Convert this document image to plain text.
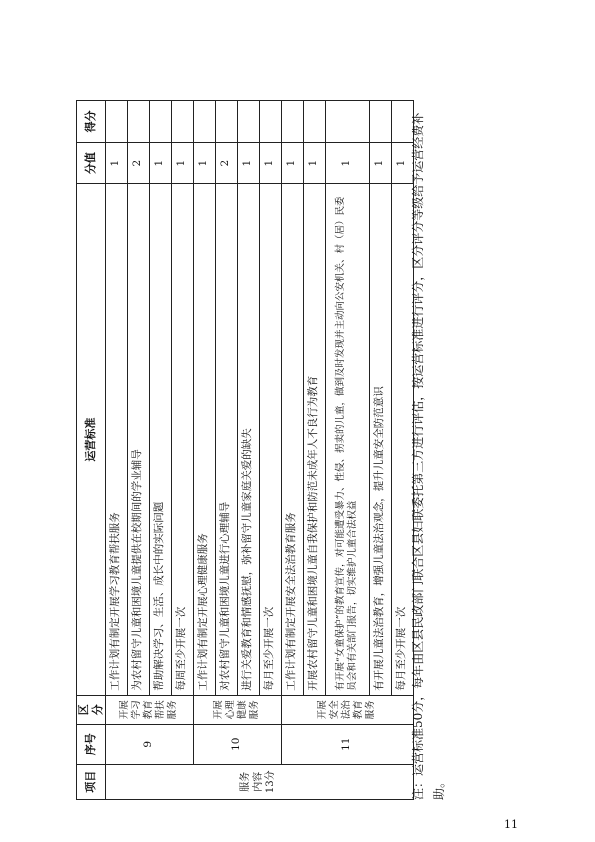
项目	序号	区分	运营标准	分值	得分
服务内容13分	9	开展学习教育帮扶服务	工作计划有制定开展学习教育帮扶服务	1	
			为农村留守儿童和困境儿童提供在校期间的学业辅导	2	
			帮助解决学习、生活、成长中的实际问题	1	
			每周至少开展一次	1	
	10	开展心理健康服务	工作计划有制定开展心理健康服务	1	
			对农村留守儿童和困境儿童进行心理辅导	2	
			进行关爱教育和情感抚慰，弥补留守儿童家庭关爱的缺失	1	
			每月至少开展一次	1	
	11	开展安全法治教育服务	工作计划有制定开展安全法治教育服务	1	
			开展农村留守儿童和困境儿童自我保护和防范未成年人不良行为教育	1	
			有开展“女童保护”的教育宣传，对可能遭受暴力、性侵、拐卖的儿童，做到及时发现并主动向公安机关、村（居）民委员会和有关部门报告，切实维护儿童合法权益	1	
			有开展儿童法治教育，增强儿童法治观念，提升儿童安全防范意识	1	
			每月至少开展一次	1	注：运营标准50分，每年由区县民政部门联合区县妇联委托第三方进行评估，按运营标准进行评分，区分评分等级给予运营经费补助。
11
